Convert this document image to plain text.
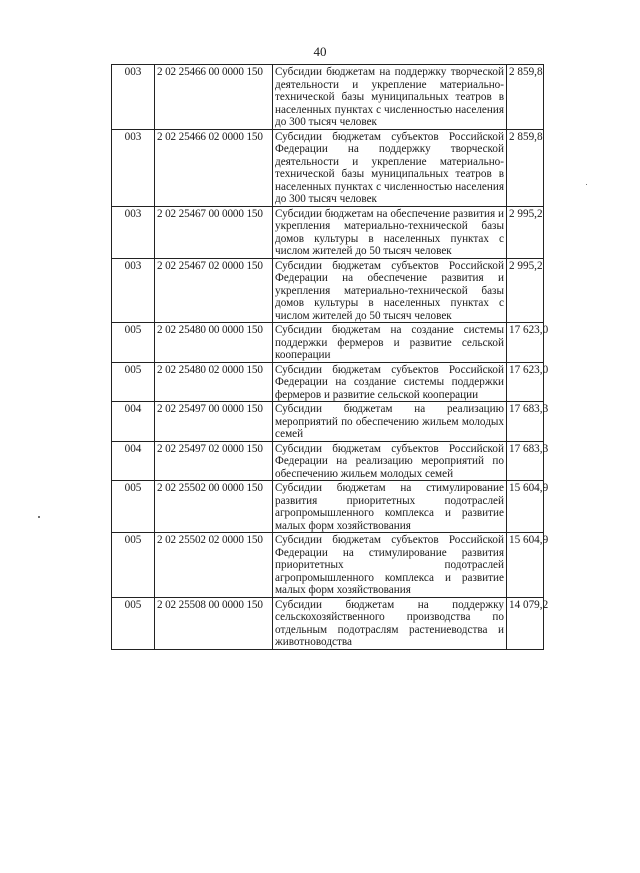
40
003	2 02 25466 00 0000 150	Субсидии бюджетам на поддержку творческой деятельности и укрепление материально-технической базы муниципальных театров в населенных пунктах с численностью населения до 300 тысяч человек	2 859,8
003	2 02 25466 02 0000 150	Субсидии бюджетам субъектов Российской Федерации на поддержку творческой деятельности и укрепление материально-технической базы муниципальных театров в населенных пунктах с численностью населения до 300 тысяч человек	2 859,8
003	2 02 25467 00 0000 150	Субсидии бюджетам на обеспечение развития и укрепления материально-технической базы домов культуры в населенных пунктах с числом жителей до 50 тысяч человек	2 995,2
003	2 02 25467 02 0000 150	Субсидии бюджетам субъектов Российской Федерации на обеспечение развития и укрепления материально-технической базы домов культуры в населенных пунктах с числом жителей до 50 тысяч человек	2 995,2
005	2 02 25480 00 0000 150	Субсидии бюджетам на создание системы поддержки фермеров и развитие сельской кооперации	17 623,0
005	2 02 25480 02 0000 150	Субсидии бюджетам субъектов Российской Федерации на создание системы поддержки фермеров и развитие сельской кооперации	17 623,0
004	2 02 25497 00 0000 150	Субсидии бюджетам на реализацию мероприятий по обеспечению жильем молодых семей	17 683,3
004	2 02 25497 02 0000 150	Субсидии бюджетам субъектов Российской Федерации на реализацию мероприятий по обеспечению жильем молодых семей	17 683,3
005	2 02 25502 00 0000 150	Субсидии бюджетам на стимулирование развития приоритетных подотраслей агропромышленного комплекса и развитие малых форм хозяйствования	15 604,9
005	2 02 25502 02 0000 150	Субсидии бюджетам субъектов Российской Федерации на стимулирование развития приоритетных подотраслей агропромышленного комплекса и развитие малых форм хозяйствования	15 604,9
005	2 02 25508 00 0000 150	Субсидии бюджетам на поддержку сельскохозяйственного производства по отдельным подотраслям растениеводства и животноводства	14 079,2
